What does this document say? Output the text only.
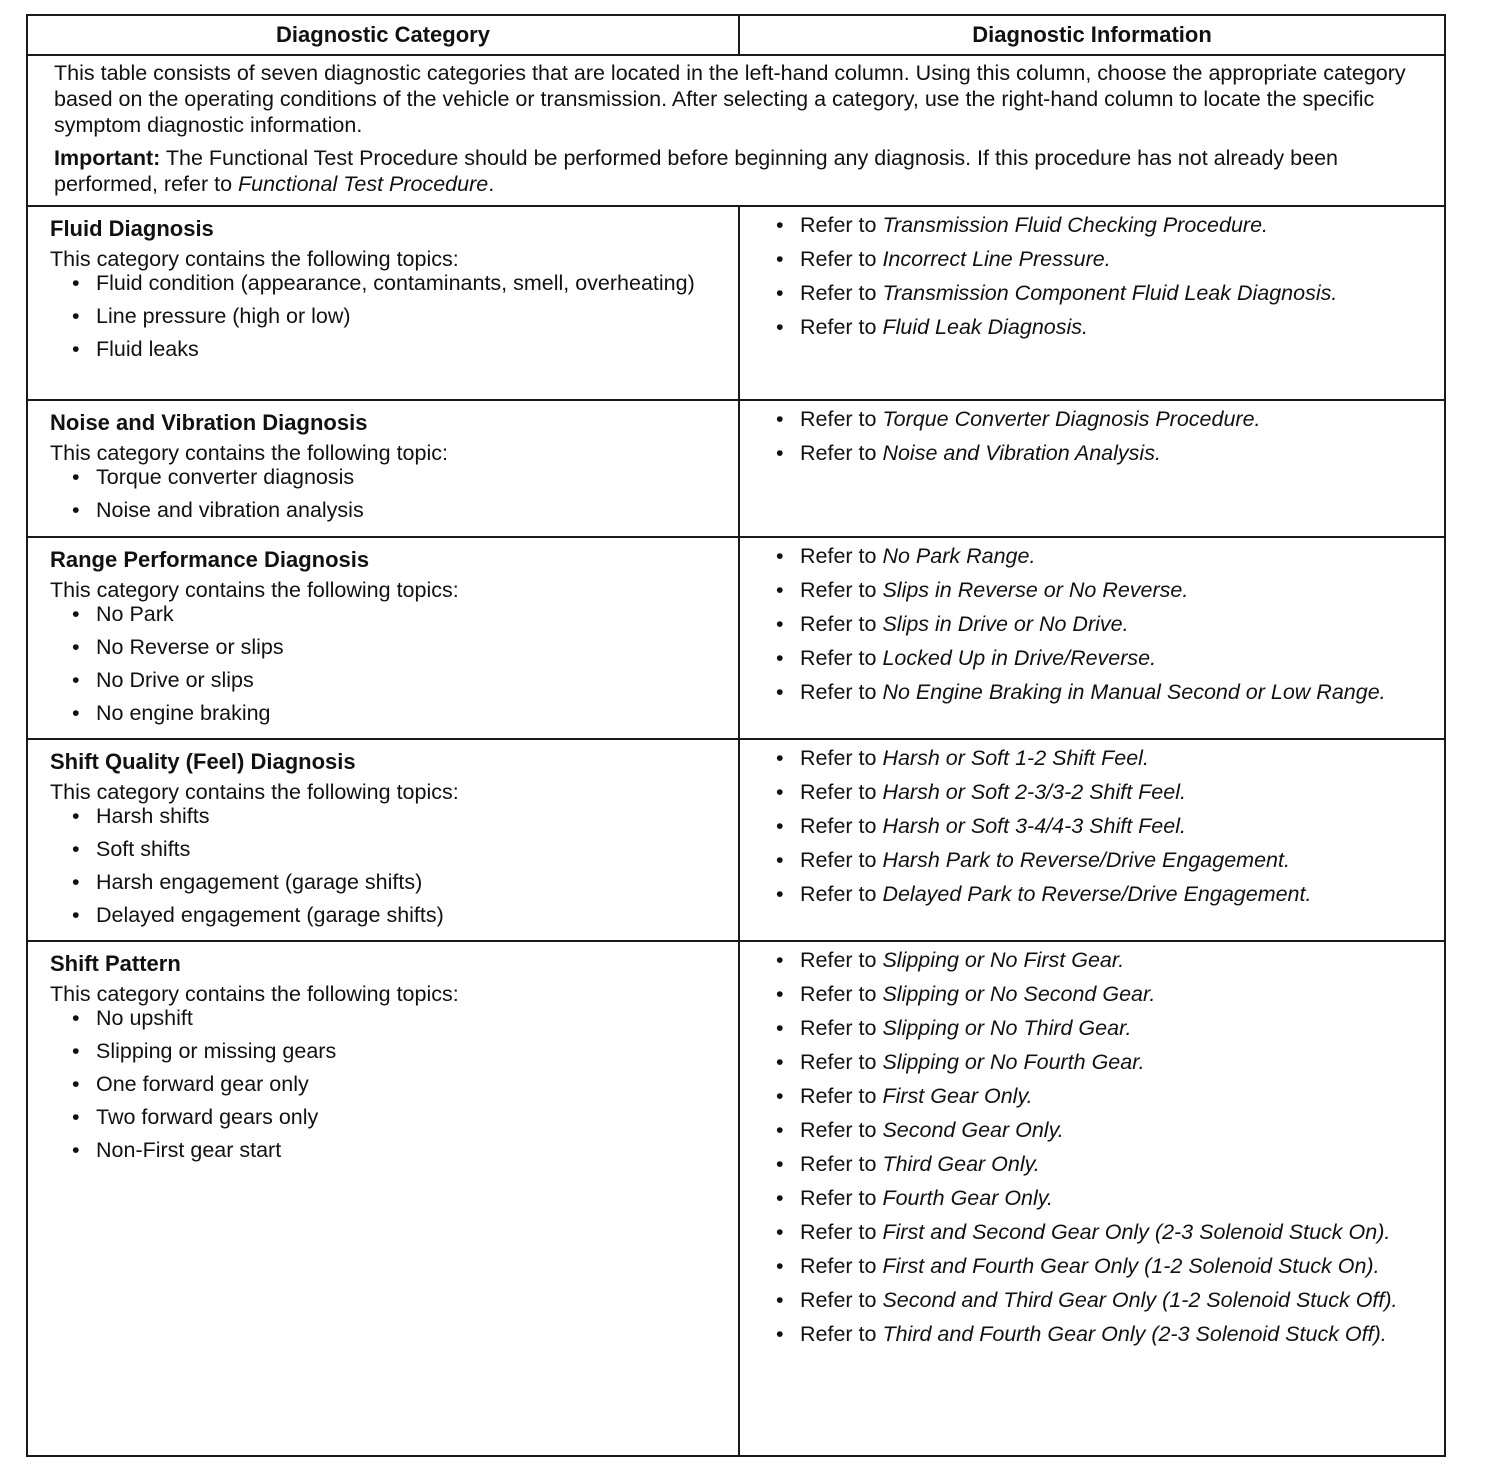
Diagnostic Category	Diagnostic Information

This table consists of seven diagnostic categories that are located in the left-hand column. Using this column, choose the appropriate category based on the operating conditions of the vehicle or transmission. After selecting a category, use the right-hand column to locate the specific symptom diagnostic information.

Important: The Functional Test Procedure should be performed before beginning any diagnosis. If this procedure has not already been performed, refer to Functional Test Procedure.

Fluid Diagnosis

This category contains the following topics:

• Fluid condition (appearance, contaminants, smell, overheating)
• Line pressure (high or low)
• Fluid leaks
• Refer to Transmission Fluid Checking Procedure.
• Refer to Incorrect Line Pressure.
• Refer to Transmission Component Fluid Leak Diagnosis.
• Refer to Fluid Leak Diagnosis.
Noise and Vibration Diagnosis

This category contains the following topic:

• Torque converter diagnosis
• Noise and vibration analysis
• Refer to Torque Converter Diagnosis Procedure.
• Refer to Noise and Vibration Analysis.
Range Performance Diagnosis

This category contains the following topics:

• No Park
• No Reverse or slips
• No Drive or slips
• No engine braking
• Refer to No Park Range.
• Refer to Slips in Reverse or No Reverse.
• Refer to Slips in Drive or No Drive.
• Refer to Locked Up in Drive/Reverse.
• Refer to No Engine Braking in Manual Second or Low Range.
Shift Quality (Feel) Diagnosis

This category contains the following topics:

• Harsh shifts
• Soft shifts
• Harsh engagement (garage shifts)
• Delayed engagement (garage shifts)
• Refer to Harsh or Soft 1-2 Shift Feel.
• Refer to Harsh or Soft 2-3/3-2 Shift Feel.
• Refer to Harsh or Soft 3-4/4-3 Shift Feel.
• Refer to Harsh Park to Reverse/Drive Engagement.
• Refer to Delayed Park to Reverse/Drive Engagement.
Shift Pattern

This category contains the following topics:

• No upshift
• Slipping or missing gears
• One forward gear only
• Two forward gears only
• Non-First gear start
• Refer to Slipping or No First Gear.
• Refer to Slipping or No Second Gear.
• Refer to Slipping or No Third Gear.
• Refer to Slipping or No Fourth Gear.
• Refer to First Gear Only.
• Refer to Second Gear Only.
• Refer to Third Gear Only.
• Refer to Fourth Gear Only.
• Refer to First and Second Gear Only (2-3 Solenoid Stuck On).
• Refer to First and Fourth Gear Only (1-2 Solenoid Stuck On).
• Refer to Second and Third Gear Only (1-2 Solenoid Stuck Off).
• Refer to Third and Fourth Gear Only (2-3 Solenoid Stuck Off).
